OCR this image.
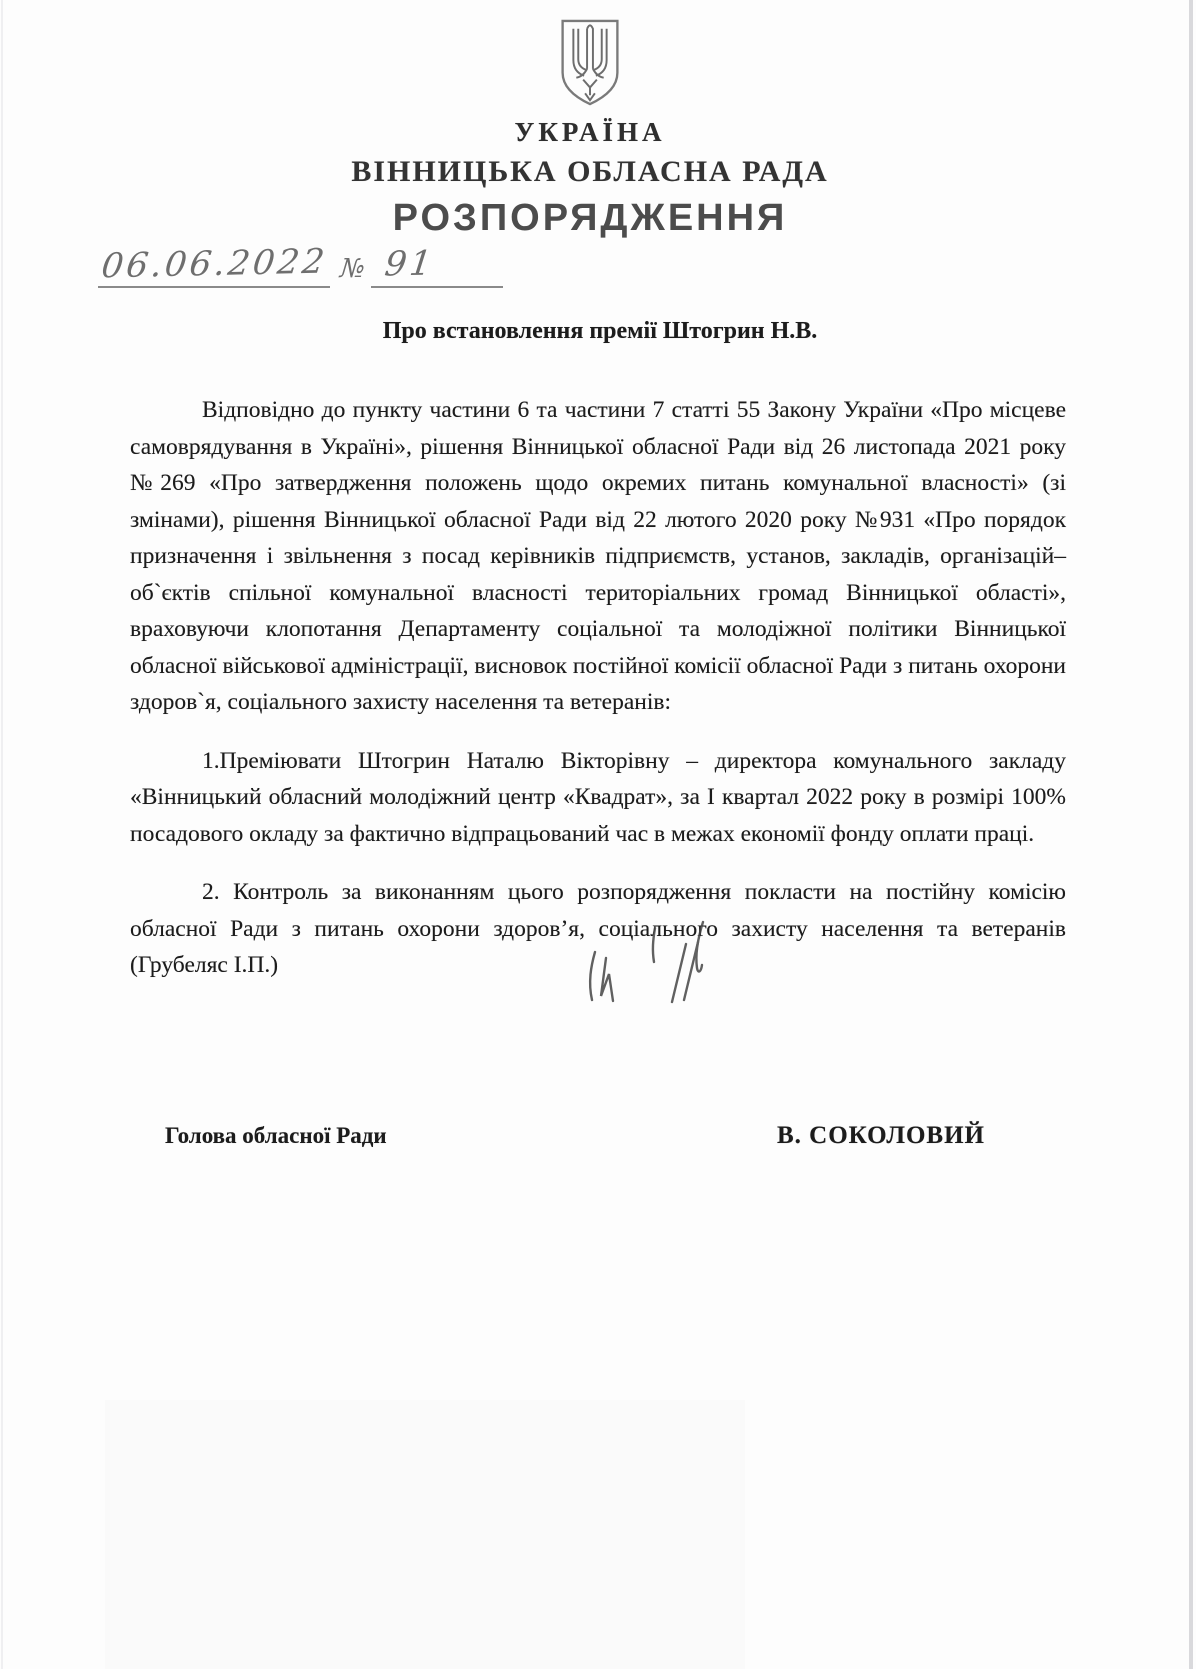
УКРАЇНА
ВІННИЦЬКА ОБЛАСНА РАДА
РОЗПОРЯДЖЕННЯ
06.06.2022 № 91
Про встановлення премії Штогрин Н.В.

Відповідно до пункту частини 6 та частини 7 статті 55 Закону України «Про місцеве самоврядування в Україні», рішення Вінницької обласної Ради від 26 листопада 2021 року №269 «Про затвердження положень щодо окремих питань комунальної власності» (зі змінами), рішення Вінницької обласної Ради від 22 лютого 2020 року №931 «Про порядок призначення і звільнення з посад керівників підприємств, установ, закладів, організацій–об`єктів спільної комунальної власності територіальних громад Вінницької області», враховуючи клопотання Департаменту соціальної та молодіжної політики Вінницької обласної військової адміністрації, висновок постійної комісії обласної Ради з питань охорони здоров`я, соціального захисту населення та ветеранів:

1.Преміювати Штогрин Наталю Вікторівну – директора комунального закладу «Вінницький обласний молодіжний центр «Квадрат», за І квартал 2022 року в розмірі 100% посадового окладу за фактично відпрацьований час в межах економії фонду оплати праці.

2. Контроль за виконанням цього розпорядження покласти на постійну комісію обласної Ради з питань охорони здоров’я, соціального захисту населення та ветеранів (Грубеляс І.П.)

Голова обласної Ради	В. СОКОЛОВИЙ
